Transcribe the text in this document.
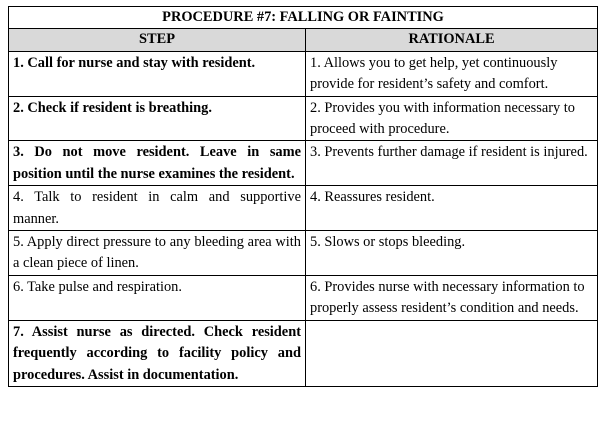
PROCEDURE #7: FALLING OR FAINTING	
STEP	RATIONALE

1. Call for nurse and stay with resident.	1. Allows you to get help, yet continuously provide for resident’s safety and comfort.

2. Check if resident is breathing.	2. Provides you with information necessary to proceed with procedure.

3. Do not move resident. Leave in same position until the nurse examines the resident.	3. Prevents further damage if resident is injured.

4. Talk to resident in calm and supportive manner.	4. Reassures resident.

5. Apply direct pressure to any bleeding area with a clean piece of linen.	5. Slows or stops bleeding.

6. Take pulse and respiration.	6. Provides nurse with necessary information to properly assess resident’s condition and needs.

7. Assist nurse as directed. Check resident frequently according to facility policy and procedures. Assist in documentation.	
